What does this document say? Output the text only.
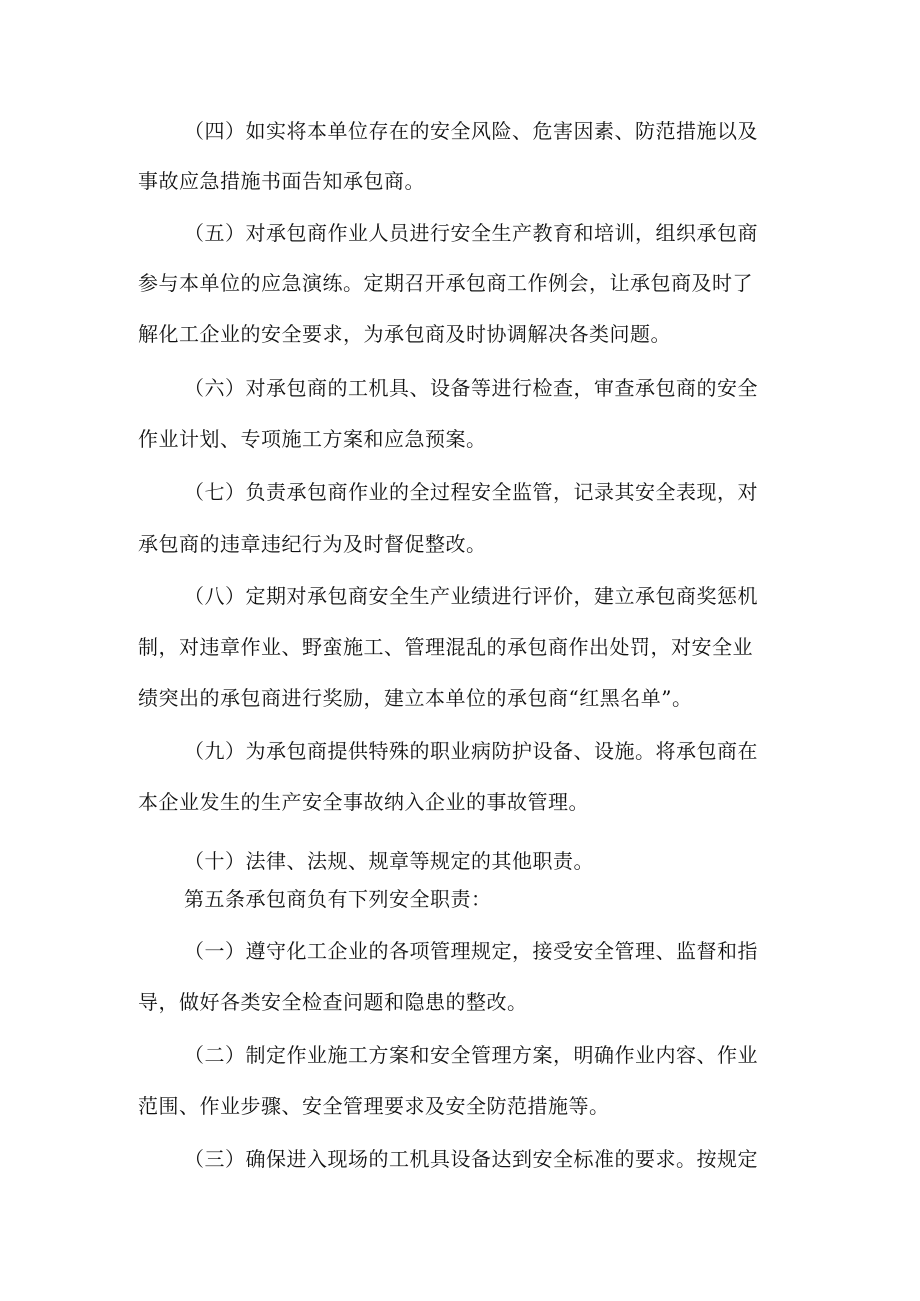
（四）如实将本单位存在的安全风险、危害因素、防范措施以及
事故应急措施书面告知承包商。
（五）对承包商作业人员进行安全生产教育和培训，组织承包商
参与本单位的应急演练。定期召开承包商工作例会，让承包商及时了
解化工企业的安全要求，为承包商及时协调解决各类问题。
（六）对承包商的工机具、设备等进行检查，审查承包商的安全
作业计划、专项施工方案和应急预案。
（七）负责承包商作业的全过程安全监管，记录其安全表现，对
承包商的违章违纪行为及时督促整改。
（八）定期对承包商安全生产业绩进行评价，建立承包商奖惩机
制，对违章作业、野蛮施工、管理混乱的承包商作出处罚，对安全业
绩突出的承包商进行奖励，建立本单位的承包商“红黑名单”。
（九）为承包商提供特殊的职业病防护设备、设施。将承包商在
本企业发生的生产安全事故纳入企业的事故管理。
（十）法律、法规、规章等规定的其他职责。
第五条承包商负有下列安全职责：
（一）遵守化工企业的各项管理规定，接受安全管理、监督和指
导，做好各类安全检查问题和隐患的整改。
（二）制定作业施工方案和安全管理方案，明确作业内容、作业
范围、作业步骤、安全管理要求及安全防范措施等。
（三）确保进入现场的工机具设备达到安全标准的要求。按规定
